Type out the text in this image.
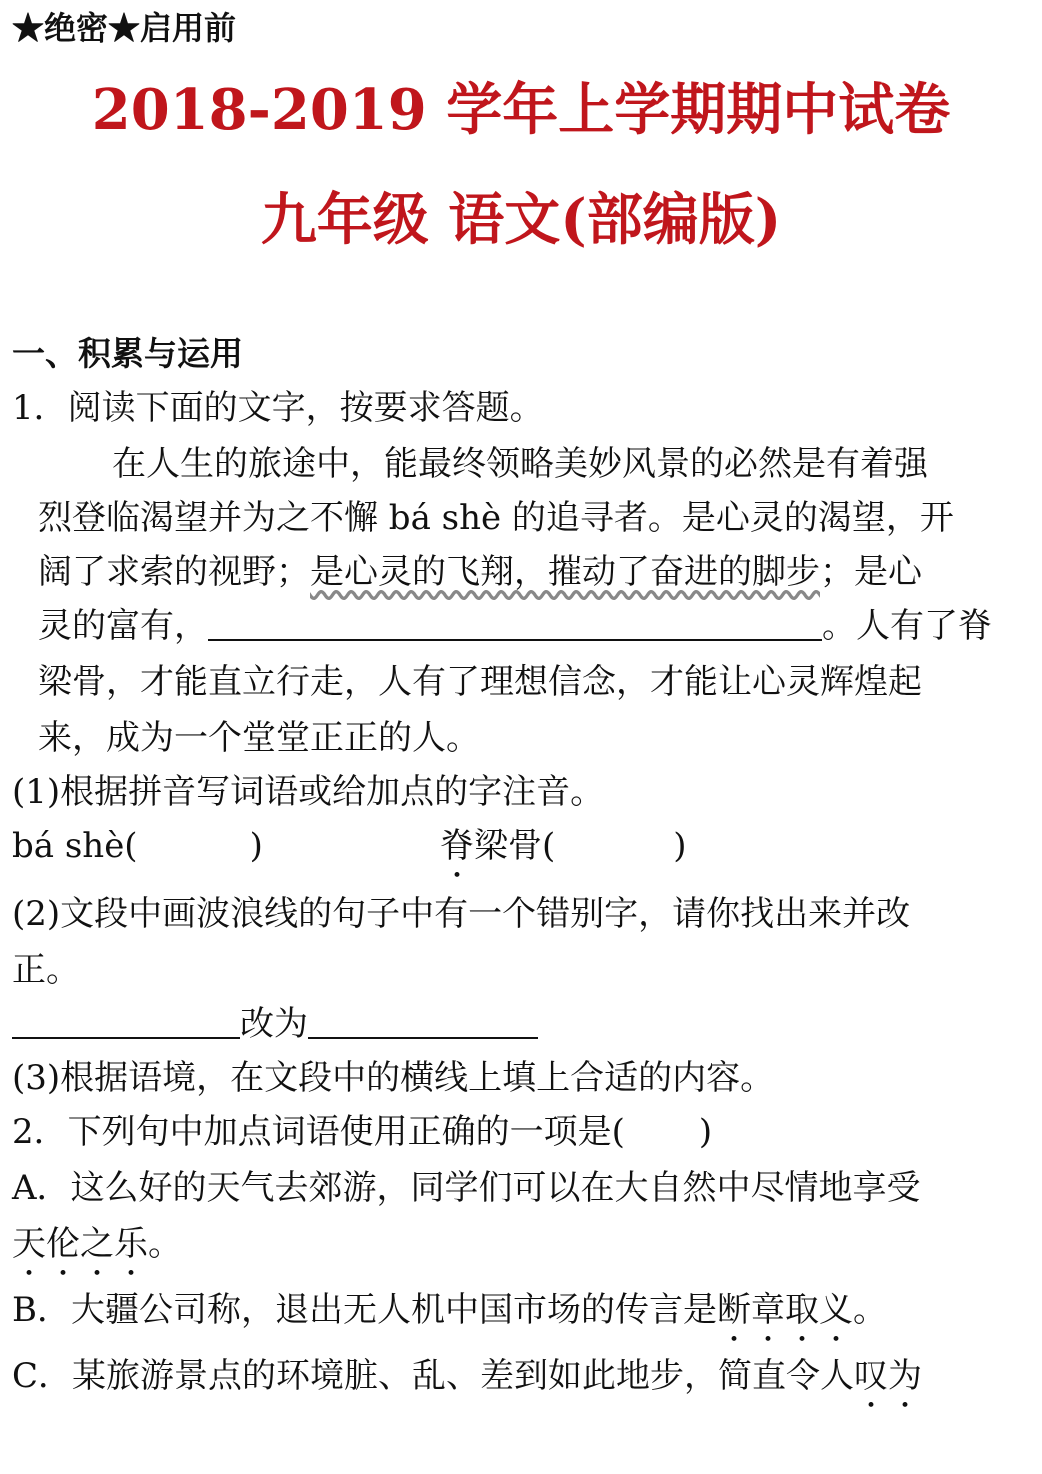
★绝密★启用前
2018-2019 学年上学期期中试卷
九年级 语文(部编版)
一、积累与运用
1．阅读下面的文字，按要求答题。
在人生的旅途中，能最终领略美妙风景的必然是有着强
烈登临渴望并为之不懈 bá shè 的追寻者。是心灵的渴望，开
阔了求索的视野；是心灵的飞翔，摧动了奋进的脚步；是心
灵的富有，	。人有了脊
梁骨，才能直立行走，人有了理想信念，才能让心灵辉煌起
来，成为一个堂堂正正的人。
(1)根据拼音写词语或给加点的字注音。
bá shè(	)	脊梁骨(	)
(2)文段中画波浪线的句子中有一个错别字，请你找出来并改
正。
改为
(3)根据语境，在文段中的横线上填上合适的内容。
2．下列句中加点词语使用正确的一项是( )
A．这么好的天气去郊游，同学们可以在大自然中尽情地享受
天伦之乐。
B．大疆公司称，退出无人机中国市场的传言是断章取义。
C．某旅游景点的环境脏、乱、差到如此地步，简直令人叹为
